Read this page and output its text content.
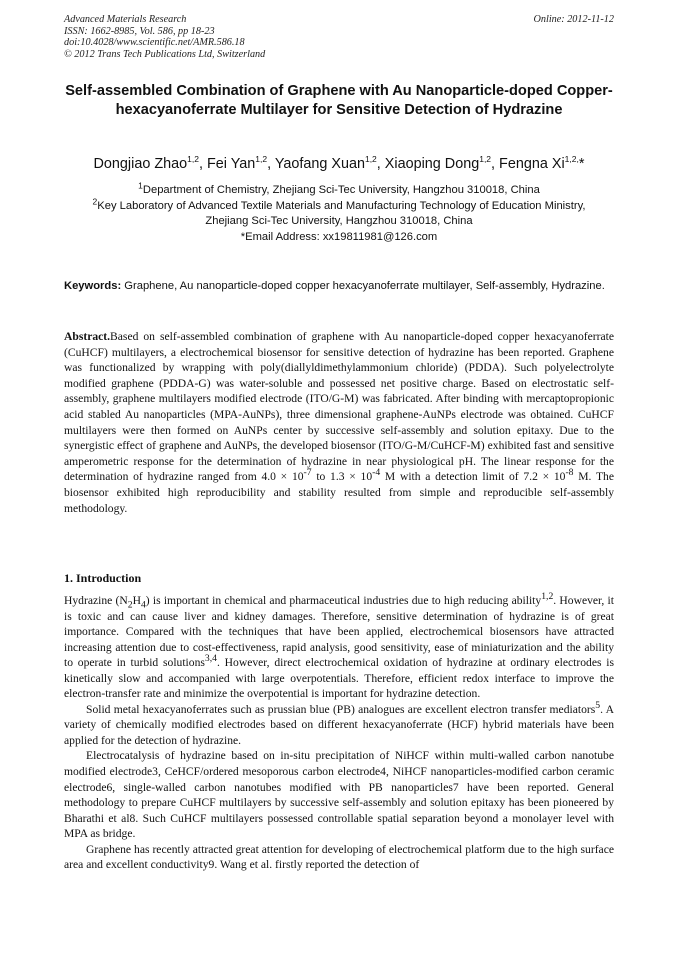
Advanced Materials Research
ISSN: 1662-8985, Vol. 586, pp 18-23
doi:10.4028/www.scientific.net/AMR.586.18
© 2012 Trans Tech Publications Ltd, Switzerland
Online: 2012-11-12
Self-assembled Combination of Graphene with Au Nanoparticle-doped Copper-hexacyanoferrate Multilayer for Sensitive Detection of Hydrazine
Dongjiao Zhao$^{1,2}$, Fei Yan$^{1,2}$, Yaofang Xuan$^{1,2}$, Xiaoping Dong$^{1,2}$, Fengna $Xi^{1,2,}*$
$^1$Department of Chemistry, Zhejiang Sci-Tec University, Hangzhou 310018, China
$^2$Key Laboratory of Advanced Textile Materials and Manufacturing Technology of Education Ministry,
Zhejiang Sci-Tec University, Hangzhou 310018, China
*Email Address: xx19811981@126.com
Keywords: Graphene, Au nanoparticle-doped copper hexacyanoferrate multilayer, Self-assembly, Hydrazine.
Abstract.Based on self-assembled combination of graphene with Au nanoparticle-doped copper hexacyanoferrate (CuHCF) multilayers, a electrochemical biosensor for sensitive detection of hydrazine has been reported. Graphene was functionalized by wrapping with poly(diallyldimethylammonium chloride) (PDDA). Such polyelectrolyte modified graphene (PDDA-G) was water-soluble and possessed net positive charge. Based on electrostatic self-assembly, graphene multilayers modified electrode (ITO/G-M) was fabricated. After binding with mercaptopropionic acid stabled Au nanoparticles (MPA-AuNPs), three dimensional graphene-AuNPs electrode was obtained. CuHCF multilayers were then formed on AuNPs center by successive self-assembly and solution epitaxy. Due to the synergistic effect of graphene and AuNPs, the developed biosensor (ITO/G-M/CuHCF-M) exhibited fast and sensitive amperometric response for the determination of hydrazine in near physiological pH. The linear response for the determination of hydrazine ranged from $4.0 \times 10^{-7}$ to $1.3 \times 10^{-4}$ M with a detection limit of $7.2 \times 10^{-8}$ M. The biosensor exhibited high reproducibility and stability resulted from simple and reproducible self-assembly methodology.
1. Introduction

Hydrazine $(N_2H_4)$ is important in chemical and pharmaceutical industries due to high reducing ability$^{1,2}$. However, it is toxic and can cause liver and kidney damages. Therefore, sensitive determination of hydrazine is of great importance. Compared with the techniques that have been applied, electrochemical biosensors have attracted increasing attention due to cost-effectiveness, rapid analysis, good sensitivity, ease of miniaturization and the ability to operate in turbid solutions$^{3,4}$. However, direct electrochemical oxidation of hydrazine at ordinary electrodes is kinetically slow and accompanied with large overpotentials. Therefore, efficient redox interface to improve the electron-transfer rate and minimize the overpotential is important for hydrazine detection.

Solid metal hexacyanoferrates such as prussian blue (PB) analogues are excellent electron transfer mediators$^5$. A variety of chemically modified electrodes based on different hexacyanoferrate (HCF) hybrid materials have been applied for the detection of hydrazine.

Electrocatalysis of hydrazine based on in-situ precipitation of NiHCF within multi-walled carbon nanotube modified electrode3, CeHCF/ordered mesoporous carbon electrode4, NiHCF nanoparticles-modified carbon ceramic electrode6, single-walled carbon nanotubes modified with PB nanoparticles7 have been reported. General methodology to prepare CuHCF multilayers by successive self-assembly and solution epitaxy has been pioneered by Bharathi et al8. Such CuHCF multilayers possessed controllable spatial separation beyond a monolayer level with MPA as bridge.

Graphene has recently attracted great attention for developing of electrochemical platform due to the high surface area and excellent conductivity9. Wang et al. firstly reported the detection of
